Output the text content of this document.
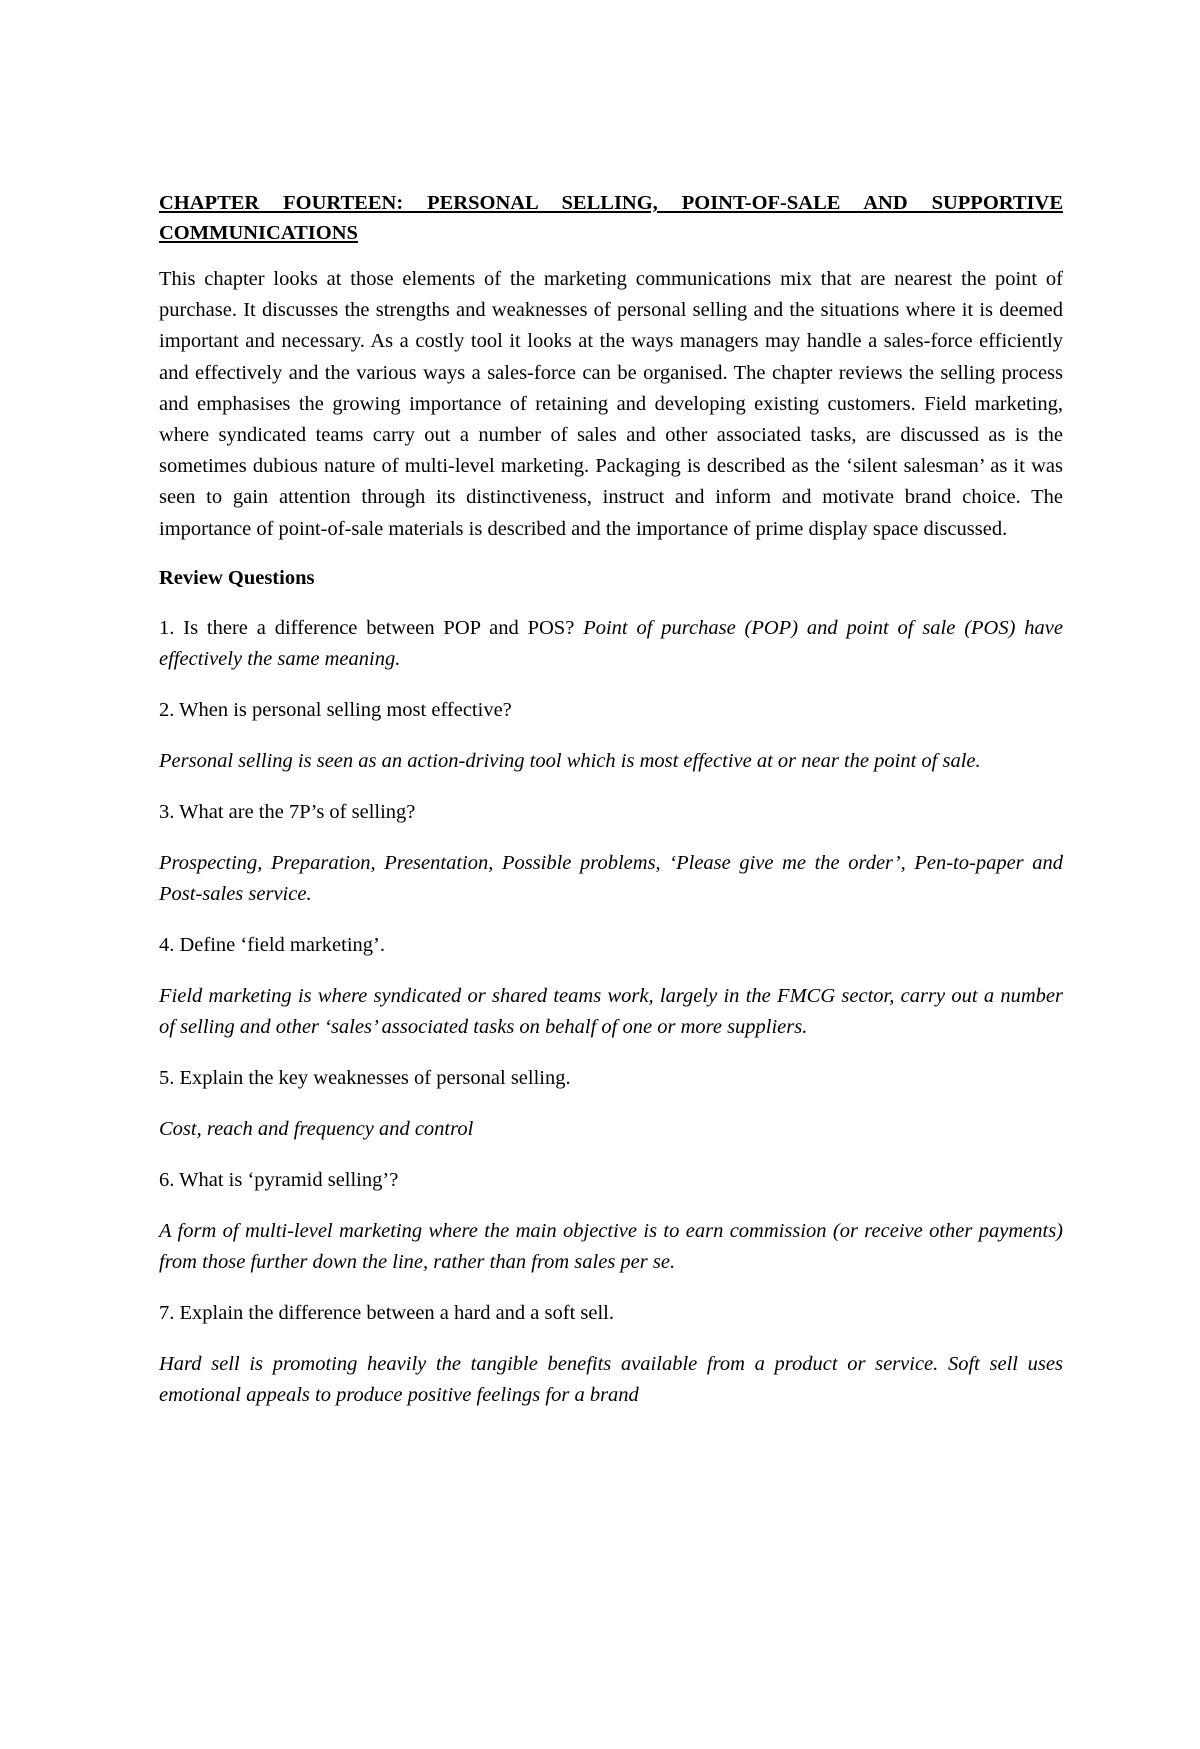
CHAPTER FOURTEEN: PERSONAL SELLING, POINT-OF-SALE AND SUPPORTIVE COMMUNICATIONS

This chapter looks at those elements of the marketing communications mix that are nearest the point of purchase. It discusses the strengths and weaknesses of personal selling and the situations where it is deemed important and necessary. As a costly tool it looks at the ways managers may handle a sales-force efficiently and effectively and the various ways a sales-force can be organised. The chapter reviews the selling process and emphasises the growing importance of retaining and developing existing customers. Field marketing, where syndicated teams carry out a number of sales and other associated tasks, are discussed as is the sometimes dubious nature of multi-level marketing. Packaging is described as the ‘silent salesman’ as it was seen to gain attention through its distinctiveness, instruct and inform and motivate brand choice. The importance of point-of-sale materials is described and the importance of prime display space discussed.

Review Questions

1. Is there a difference between POP and POS? Point of purchase (POP) and point of sale (POS) have effectively the same meaning.

2. When is personal selling most effective?

Personal selling is seen as an action-driving tool which is most effective at or near the point of sale.

3. What are the 7P’s of selling?

Prospecting, Preparation, Presentation, Possible problems, ‘Please give me the order’, Pen-to-paper and Post-sales service.

4. Define ‘field marketing’.

Field marketing is where syndicated or shared teams work, largely in the FMCG sector, carry out a number of selling and other ‘sales’ associated tasks on behalf of one or more suppliers.

5. Explain the key weaknesses of personal selling.

Cost, reach and frequency and control

6. What is ‘pyramid selling’?

A form of multi-level marketing where the main objective is to earn commission (or receive other payments) from those further down the line, rather than from sales per se.

7. Explain the difference between a hard and a soft sell.

Hard sell is promoting heavily the tangible benefits available from a product or service. Soft sell uses emotional appeals to produce positive feelings for a brand
